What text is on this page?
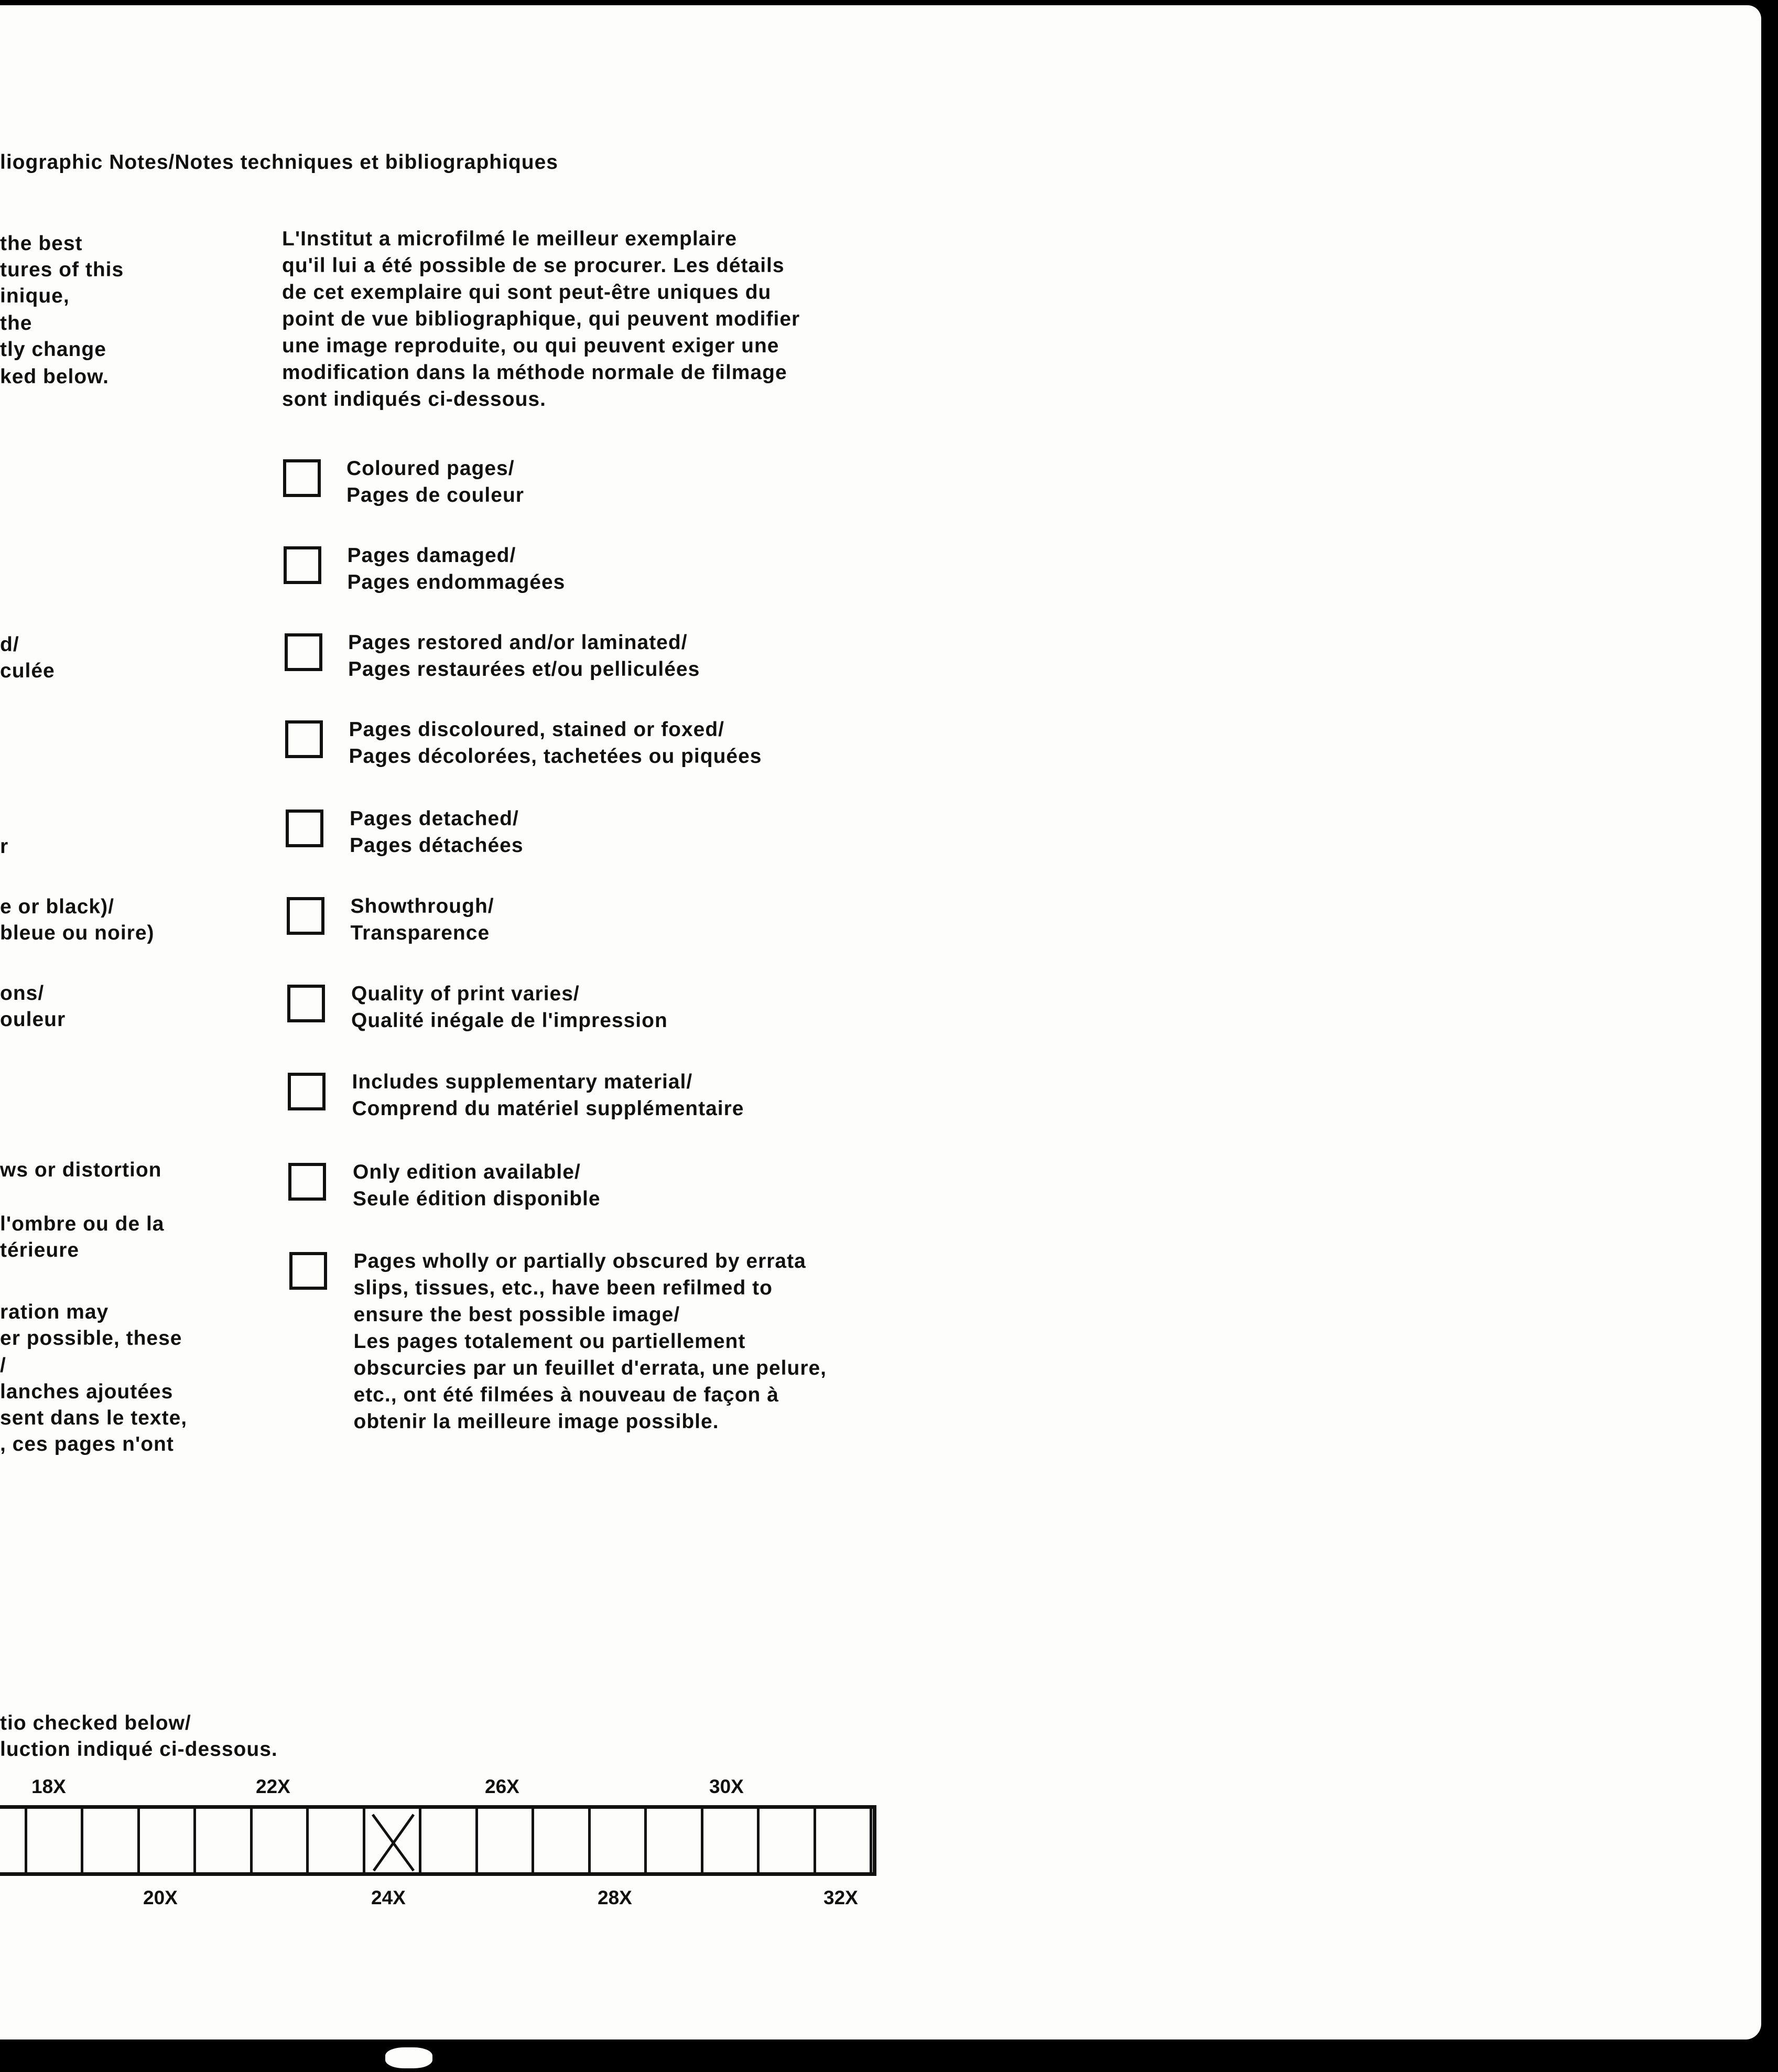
liographic Notes/Notes techniques et bibliographiques
the best
tures of this
inique,
the
tly change
ked below.
d/
culée
r
e or black)/
bleue ou noire)
ons/
ouleur
ws or distortion
l'ombre ou de la
térieure
ration may
er possible, these
/
lanches ajoutées
sent dans le texte,
, ces pages n'ont
L'Institut a microfilmé le meilleur exemplaire
qu'il lui a été possible de se procurer. Les détails
de cet exemplaire qui sont peut-être uniques du
point de vue bibliographique, qui peuvent modifier
une image reproduite, ou qui peuvent exiger une
modification dans la méthode normale de filmage
sont indiqués ci-dessous.
Coloured pages/
Pages de couleur
Pages damaged/
Pages endommagées
Pages restored and/or laminated/
Pages restaurées et/ou pelliculées
Pages discoloured, stained or foxed/
Pages décolorées, tachetées ou piquées
Pages detached/
Pages détachées
Showthrough/
Transparence
Quality of print varies/
Qualité inégale de l'impression
Includes supplementary material/
Comprend du matériel supplémentaire
Only edition available/
Seule édition disponible
Pages wholly or partially obscured by errata
slips, tissues, etc., have been refilmed to
ensure the best possible image/
Les pages totalement ou partiellement
obscurcies par un feuillet d'errata, une pelure,
etc., ont été filmées à nouveau de façon à
obtenir la meilleure image possible.
tio checked below/
luction indiqué ci-dessous.
18X	22X	26X	30X
20X	24X	28X	32X
